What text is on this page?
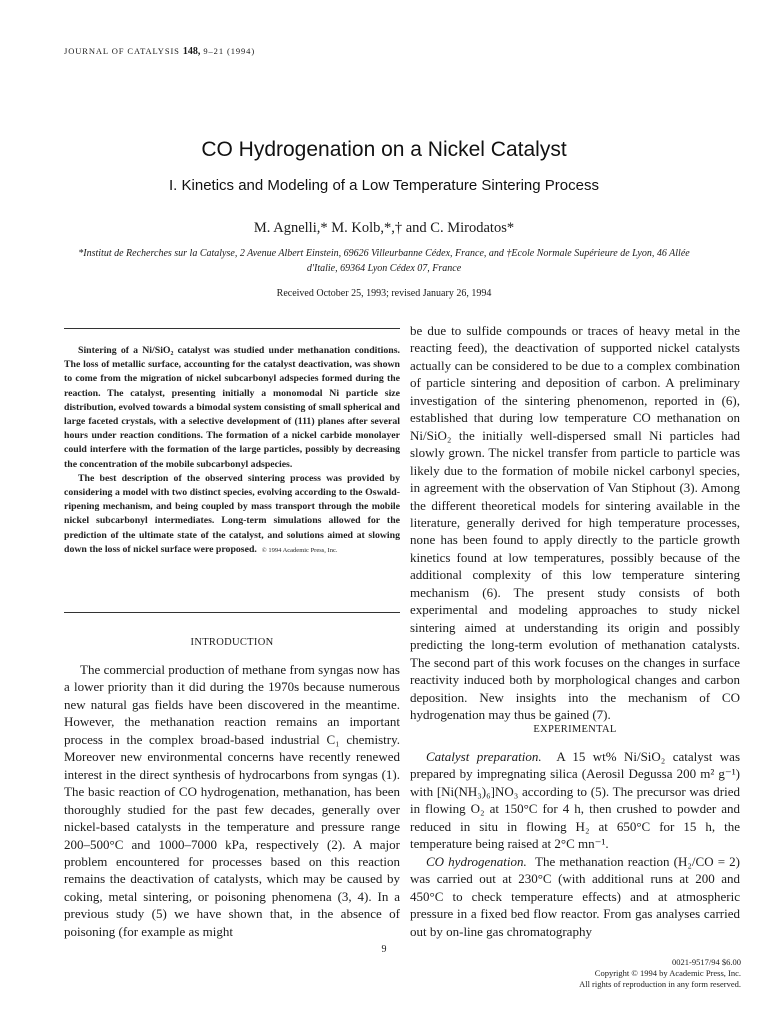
JOURNAL OF CATALYSIS 148, 9–21 (1994)
CO Hydrogenation on a Nickel Catalyst
I. Kinetics and Modeling of a Low Temperature Sintering Process
M. Agnelli,* M. Kolb,*,† and C. Mirodatos*
*Institut de Recherches sur la Catalyse, 2 Avenue Albert Einstein, 69626 Villeurbanne Cédex, France, and †Ecole Normale Supérieure de Lyon, 46 Allée d'Italie, 69364 Lyon Cédex 07, France
Received October 25, 1993; revised January 26, 1994

Sintering of a Ni/SiO₂ catalyst was studied under methanation conditions. The loss of metallic surface, accounting for the catalyst deactivation, was shown to come from the migration of nickel subcarbonyl adspecies formed during the reaction. The catalyst, presenting initially a monomodal Ni particle size distribution, evolved towards a bimodal system consisting of small spherical and large faceted crystals, with a selective development of (111) planes after several hours under reaction conditions. The formation of a nickel carbide monolayer could interfere with the formation of the large particles, possibly by decreasing the concentration of the mobile subcarbonyl adspecies.

The best description of the observed sintering process was provided by considering a model with two distinct species, evolving according to the Oswald-ripening mechanism, and being coupled by mass transport through the mobile nickel subcarbonyl intermediates. Long-term simulations allowed for the prediction of the ultimate state of the catalyst, and solutions aimed at slowing down the loss of nickel surface were proposed. © 1994 Academic Press, Inc.

INTRODUCTION

The commercial production of methane from syngas now has a lower priority than it did during the 1970s because numerous new natural gas fields have been discovered in the meantime. However, the methanation reaction remains an important process in the complex broad-based industrial C₁ chemistry. Moreover new environmental concerns have recently renewed interest in the direct synthesis of hydrocarbons from syngas (1). The basic reaction of CO hydrogenation, methanation, has been thoroughly studied for the past few decades, generally over nickel-based catalysts in the temperature and pressure range 200–500°C and 1000–7000 kPa, respectively (2). A major problem encountered for processes based on this reaction remains the deactivation of catalysts, which may be caused by coking, metal sintering, or poisoning phenomena (3, 4). In a previous study (5) we have shown that, in the absence of poisoning (for example as might

be due to sulfide compounds or traces of heavy metal in the reacting feed), the deactivation of supported nickel catalysts actually can be considered to be due to a complex combination of particle sintering and deposition of carbon. A preliminary investigation of the sintering phenomenon, reported in (6), established that during low temperature CO methanation on Ni/SiO₂ the initially well-dispersed small Ni particles had slowly grown. The nickel transfer from particle to particle was likely due to the formation of mobile nickel carbonyl species, in agreement with the observation of Van Stiphout (3). Among the different theoretical models for sintering available in the literature, generally derived for high temperature processes, none has been found to apply directly to the particle growth kinetics found at low temperatures, possibly because of the additional complexity of this low temperature sintering mechanism (6). The present study consists of both experimental and modeling approaches to study nickel sintering aimed at understanding its origin and possibly predicting the long-term evolution of methanation catalysts. The second part of this work focuses on the changes in surface reactivity induced both by morphological changes and carbon deposition. New insights into the mechanism of CO hydrogenation may thus be gained (7).

EXPERIMENTAL

Catalyst preparation. A 15 wt% Ni/SiO₂ catalyst was prepared by impregnating silica (Aerosil Degussa 200 m² g⁻¹) with [Ni(NH₃)₆]NO₃ according to (5). The precursor was dried in flowing O₂ at 150°C for 4 h, then crushed to powder and reduced in situ in flowing H₂ at 650°C for 15 h, the temperature being raised at 2°C mn⁻¹.

CO hydrogenation. The methanation reaction (H₂/CO = 2) was carried out at 230°C (with additional runs at 200 and 450°C to check temperature effects) and at atmospheric pressure in a fixed bed flow reactor. From gas analyses carried out by on-line gas chromatography

9
0021-9517/94 $6.00
Copyright © 1994 by Academic Press, Inc.
All rights of reproduction in any form reserved.
